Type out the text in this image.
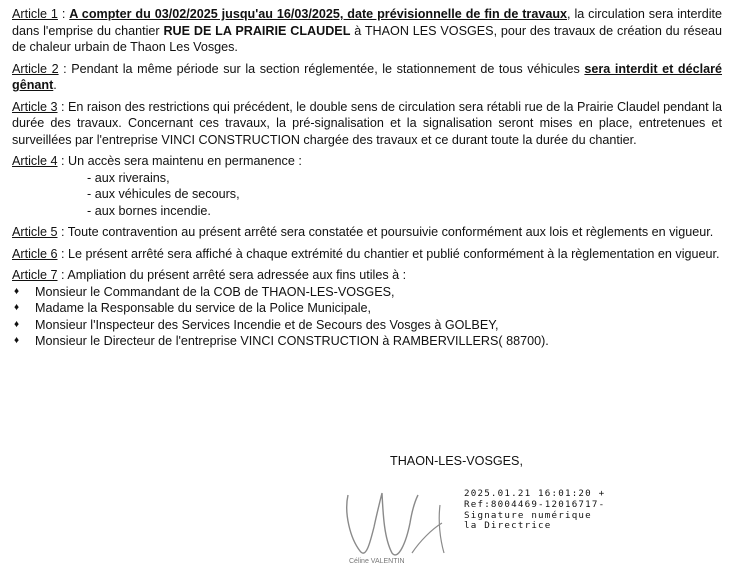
Article 1 : A compter du 03/02/2025 jusqu'au 16/03/2025, date prévisionnelle de fin de travaux, la circulation sera interdite dans l'emprise du chantier RUE DE LA PRAIRIE CLAUDEL à THAON LES VOSGES, pour des travaux de création du réseau de chaleur urbain de Thaon Les Vosges.

Article 2 : Pendant la même période sur la section réglementée, le stationnement de tous véhicules sera interdit et déclaré gênant.

Article 3 : En raison des restrictions qui précédent, le double sens de circulation sera rétabli rue de la Prairie Claudel pendant la durée des travaux. Concernant ces travaux, la pré-signalisation et la signalisation seront mises en place, entretenues et surveillées par l'entreprise VINCI CONSTRUCTION chargée des travaux et ce durant toute la durée du chantier.

Article 4 : Un accès sera maintenu en permanence :
- aux riverains,
- aux véhicules de secours,
- aux bornes incendie.

Article 5 : Toute contravention au présent arrêté sera constatée et poursuivie conformément aux lois et règlements en vigueur.

Article 6 : Le présent arrêté sera affiché à chaque extrémité du chantier et publié conformément à la règlementation en vigueur.

Article 7 : Ampliation du présent arrêté sera adressée aux fins utiles à :
♦ Monsieur le Commandant de la COB de THAON-LES-VOSGES,
♦ Madame la Responsable du service de la Police Municipale,
♦ Monsieur l'Inspecteur des Services Incendie et de Secours des Vosges à GOLBEY,
♦ Monsieur le Directeur de l'entreprise VINCI CONSTRUCTION à RAMBERVILLERS( 88700).
THAON-LES-VOSGES,
Céline VALENTIN
2025.01.21 16:01:20 +
Ref:8004469-12016717-
Signature numérique
la Directrice
